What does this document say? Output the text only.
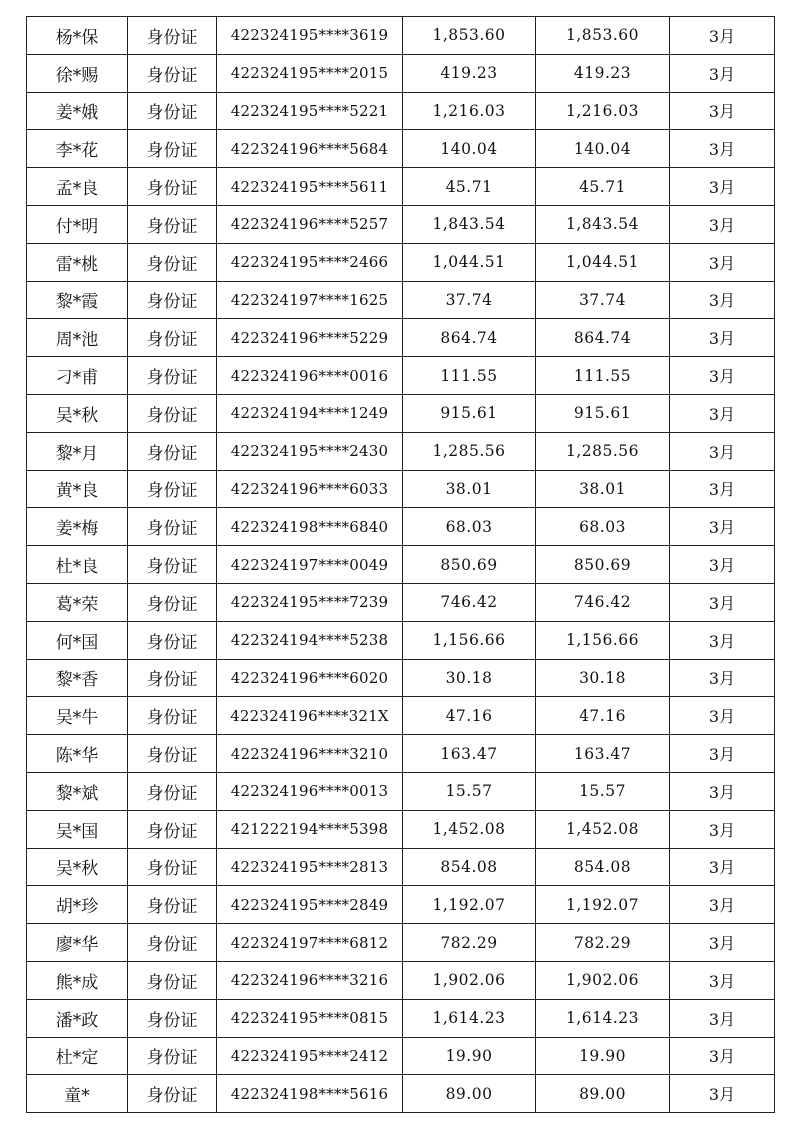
杨*保	身份证	422324195****3619	1,853.60	1,853.60	3月
徐*赐	身份证	422324195****2015	419.23	419.23	3月
姜*娥	身份证	422324195****5221	1,216.03	1,216.03	3月
李*花	身份证	422324196****5684	140.04	140.04	3月
孟*良	身份证	422324195****5611	45.71	45.71	3月
付*明	身份证	422324196****5257	1,843.54	1,843.54	3月
雷*桃	身份证	422324195****2466	1,044.51	1,044.51	3月
黎*霞	身份证	422324197****1625	37.74	37.74	3月
周*池	身份证	422324196****5229	864.74	864.74	3月
刁*甫	身份证	422324196****0016	111.55	111.55	3月
吴*秋	身份证	422324194****1249	915.61	915.61	3月
黎*月	身份证	422324195****2430	1,285.56	1,285.56	3月
黄*良	身份证	422324196****6033	38.01	38.01	3月
姜*梅	身份证	422324198****6840	68.03	68.03	3月
杜*良	身份证	422324197****0049	850.69	850.69	3月
葛*荣	身份证	422324195****7239	746.42	746.42	3月
何*国	身份证	422324194****5238	1,156.66	1,156.66	3月
黎*香	身份证	422324196****6020	30.18	30.18	3月
吴*牛	身份证	422324196****321X	47.16	47.16	3月
陈*华	身份证	422324196****3210	163.47	163.47	3月
黎*斌	身份证	422324196****0013	15.57	15.57	3月
吴*国	身份证	421222194****5398	1,452.08	1,452.08	3月
吴*秋	身份证	422324195****2813	854.08	854.08	3月
胡*珍	身份证	422324195****2849	1,192.07	1,192.07	3月
廖*华	身份证	422324197****6812	782.29	782.29	3月
熊*成	身份证	422324196****3216	1,902.06	1,902.06	3月
潘*政	身份证	422324195****0815	1,614.23	1,614.23	3月
杜*定	身份证	422324195****2412	19.90	19.90	3月
童*	身份证	422324198****5616	89.00	89.00	3月
